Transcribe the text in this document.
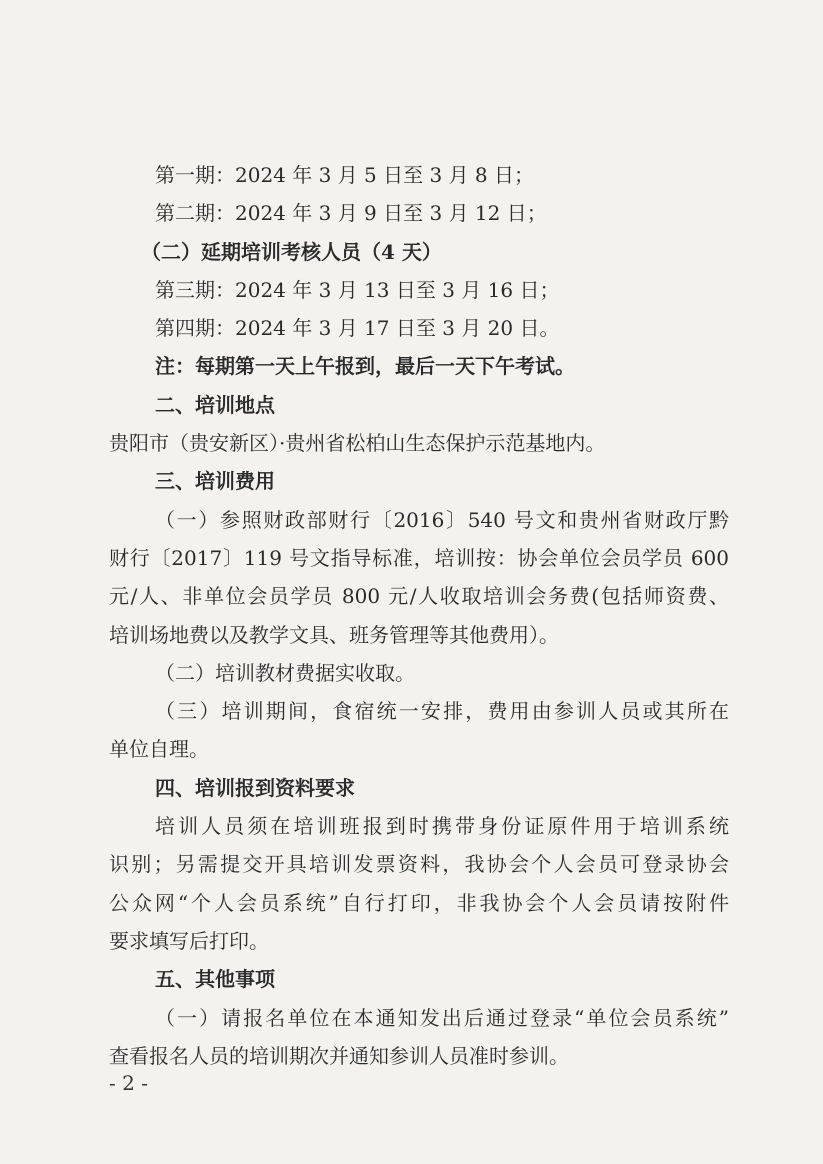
第一期：2024 年 3 月 5 日至 3 月 8 日；
第二期：2024 年 3 月 9 日至 3 月 12 日；
（二）延期培训考核人员（4 天）
第三期：2024 年 3 月 13 日至 3 月 16 日；
第四期：2024 年 3 月 17 日至 3 月 20 日。
注：每期第一天上午报到，最后一天下午考试。
二、培训地点
贵阳市（贵安新区）·贵州省松柏山生态保护示范基地内。
三、培训费用
（一）参照财政部财行〔2016〕540 号文和贵州省财政厅黔
财行〔2017〕119 号文指导标准，培训按：协会单位会员学员 600
元/人、非单位会员学员 800 元/人收取培训会务费(包括师资费、
培训场地费以及教学文具、班务管理等其他费用）。
（二）培训教材费据实收取。
（三）培训期间，食宿统一安排，费用由参训人员或其所在
单位自理。
四、培训报到资料要求
培训人员须在培训班报到时携带身份证原件用于培训系统
识别；另需提交开具培训发票资料，我协会个人会员可登录协会
公众网“个人会员系统”自行打印，非我协会个人会员请按附件
要求填写后打印。
五、其他事项
（一）请报名单位在本通知发出后通过登录“单位会员系统”
查看报名人员的培训期次并通知参训人员准时参训。
- 2 -
